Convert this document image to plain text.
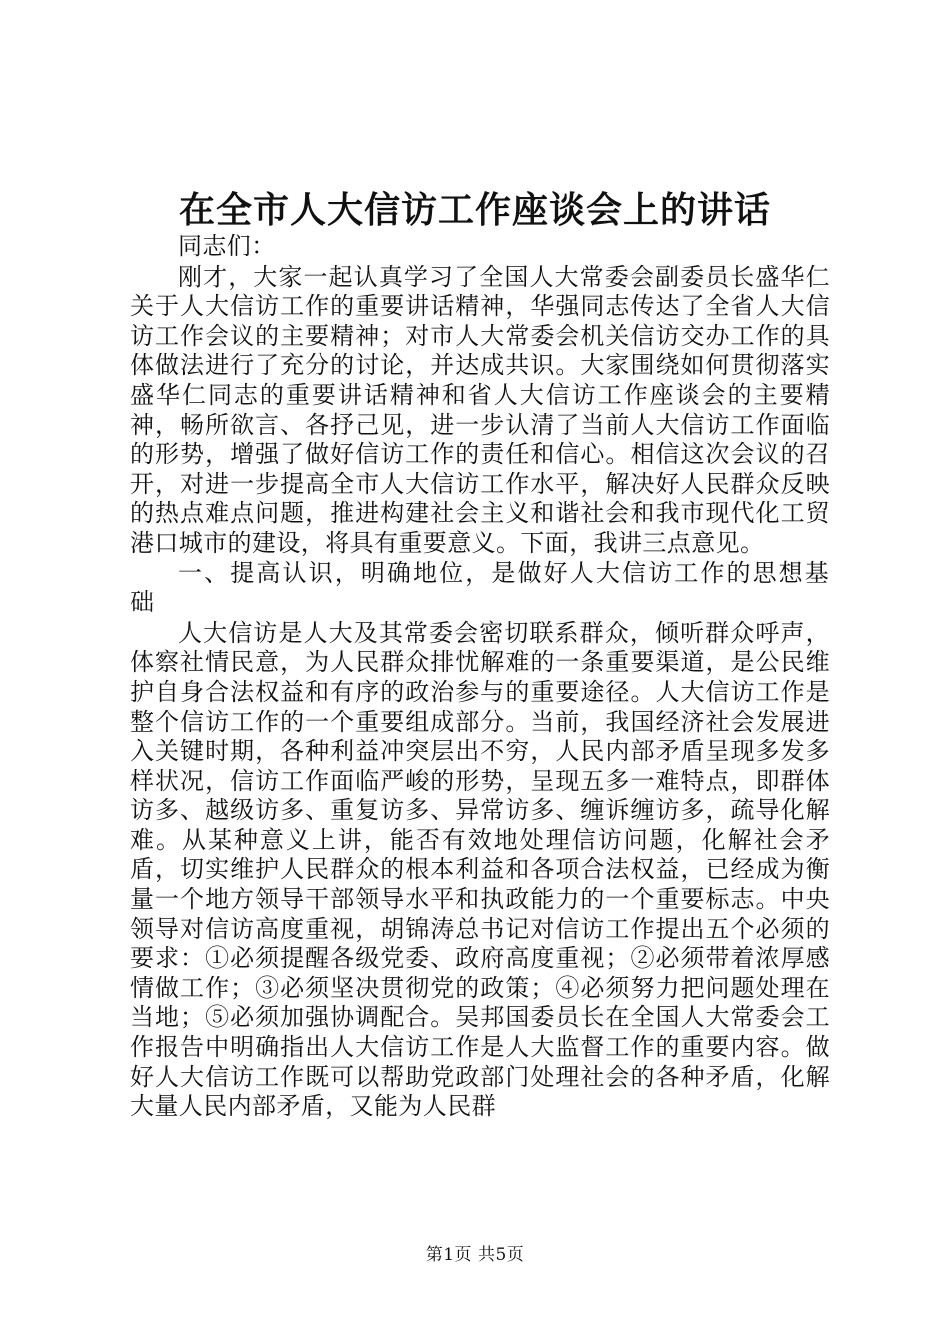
在全市人大信访工作座谈会上的讲话

同志们：

刚才，大家一起认真学习了全国人大常委会副委员长盛华仁关于人大信访工作的重要讲话精神，华强同志传达了全省人大信访工作会议的主要精神；对市人大常委会机关信访交办工作的具体做法进行了充分的讨论，并达成共识。大家围绕如何贯彻落实盛华仁同志的重要讲话精神和省人大信访工作座谈会的主要精神，畅所欲言、各抒己见，进一步认清了当前人大信访工作面临的形势，增强了做好信访工作的责任和信心。相信这次会议的召开，对进一步提高全市人大信访工作水平，解决好人民群众反映的热点难点问题，推进构建社会主义和谐社会和我市现代化工贸港口城市的建设，将具有重要意义。下面，我讲三点意见。

一、提高认识，明确地位，是做好人大信访工作的思想基础

人大信访是人大及其常委会密切联系群众，倾听群众呼声，体察社情民意，为人民群众排忧解难的一条重要渠道，是公民维护自身合法权益和有序的政治参与的重要途径。人大信访工作是整个信访工作的一个重要组成部分。当前，我国经济社会发展进入关键时期，各种利益冲突层出不穷，人民内部矛盾呈现多发多样状况，信访工作面临严峻的形势，呈现五多一难特点，即群体访多、越级访多、重复访多、异常访多、缠诉缠访多，疏导化解难。从某种意义上讲，能否有效地处理信访问题，化解社会矛盾，切实维护人民群众的根本利益和各项合法权益，已经成为衡量一个地方领导干部领导水平和执政能力的一个重要标志。中央领导对信访高度重视，胡锦涛总书记对信访工作提出五个必须的要求：①必须提醒各级党委、政府高度重视；②必须带着浓厚感情做工作；③必须坚决贯彻党的政策；④必须努力把问题处理在当地；⑤必须加强协调配合。吴邦国委员长在全国人大常委会工作报告中明确指出人大信访工作是人大监督工作的重要内容。做好人大信访工作既可以帮助党政部门处理社会的各种矛盾，化解大量人民内部矛盾，又能为人民群

第1页 共5页
